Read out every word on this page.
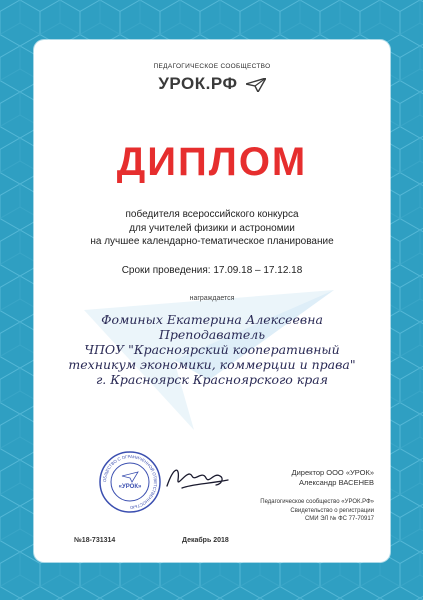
ПЕДАГОГИЧЕСКОЕ СООБЩЕСТВО
УРОК.РФ
ДИПЛОМ
победителя всероссийского конкурса
для учителей физики и астрономии
на лучшее календарно-тематическое планирование
Сроки проведения: 17.09.18 – 17.12.18
награждается
Фоминых Екатерина Алексеевна
Преподаватель
ЧПОУ "Красноярский кооперативный
техникум экономики, коммерции и права"
г. Красноярск Красноярского края
ОБЩЕСТВО С ОГРАНИЧЕННОЙ ОТВЕТСТВЕННОСТЬЮ
«УРОК»
Директор ООО «УРОК»
Александр ВАСЕНЕВ
Педагогическое сообщество «УРОК.РФ»
Свидетельство о регистрации
СМИ ЭЛ № ФС 77-70917
№18-731314	Декабрь 2018
